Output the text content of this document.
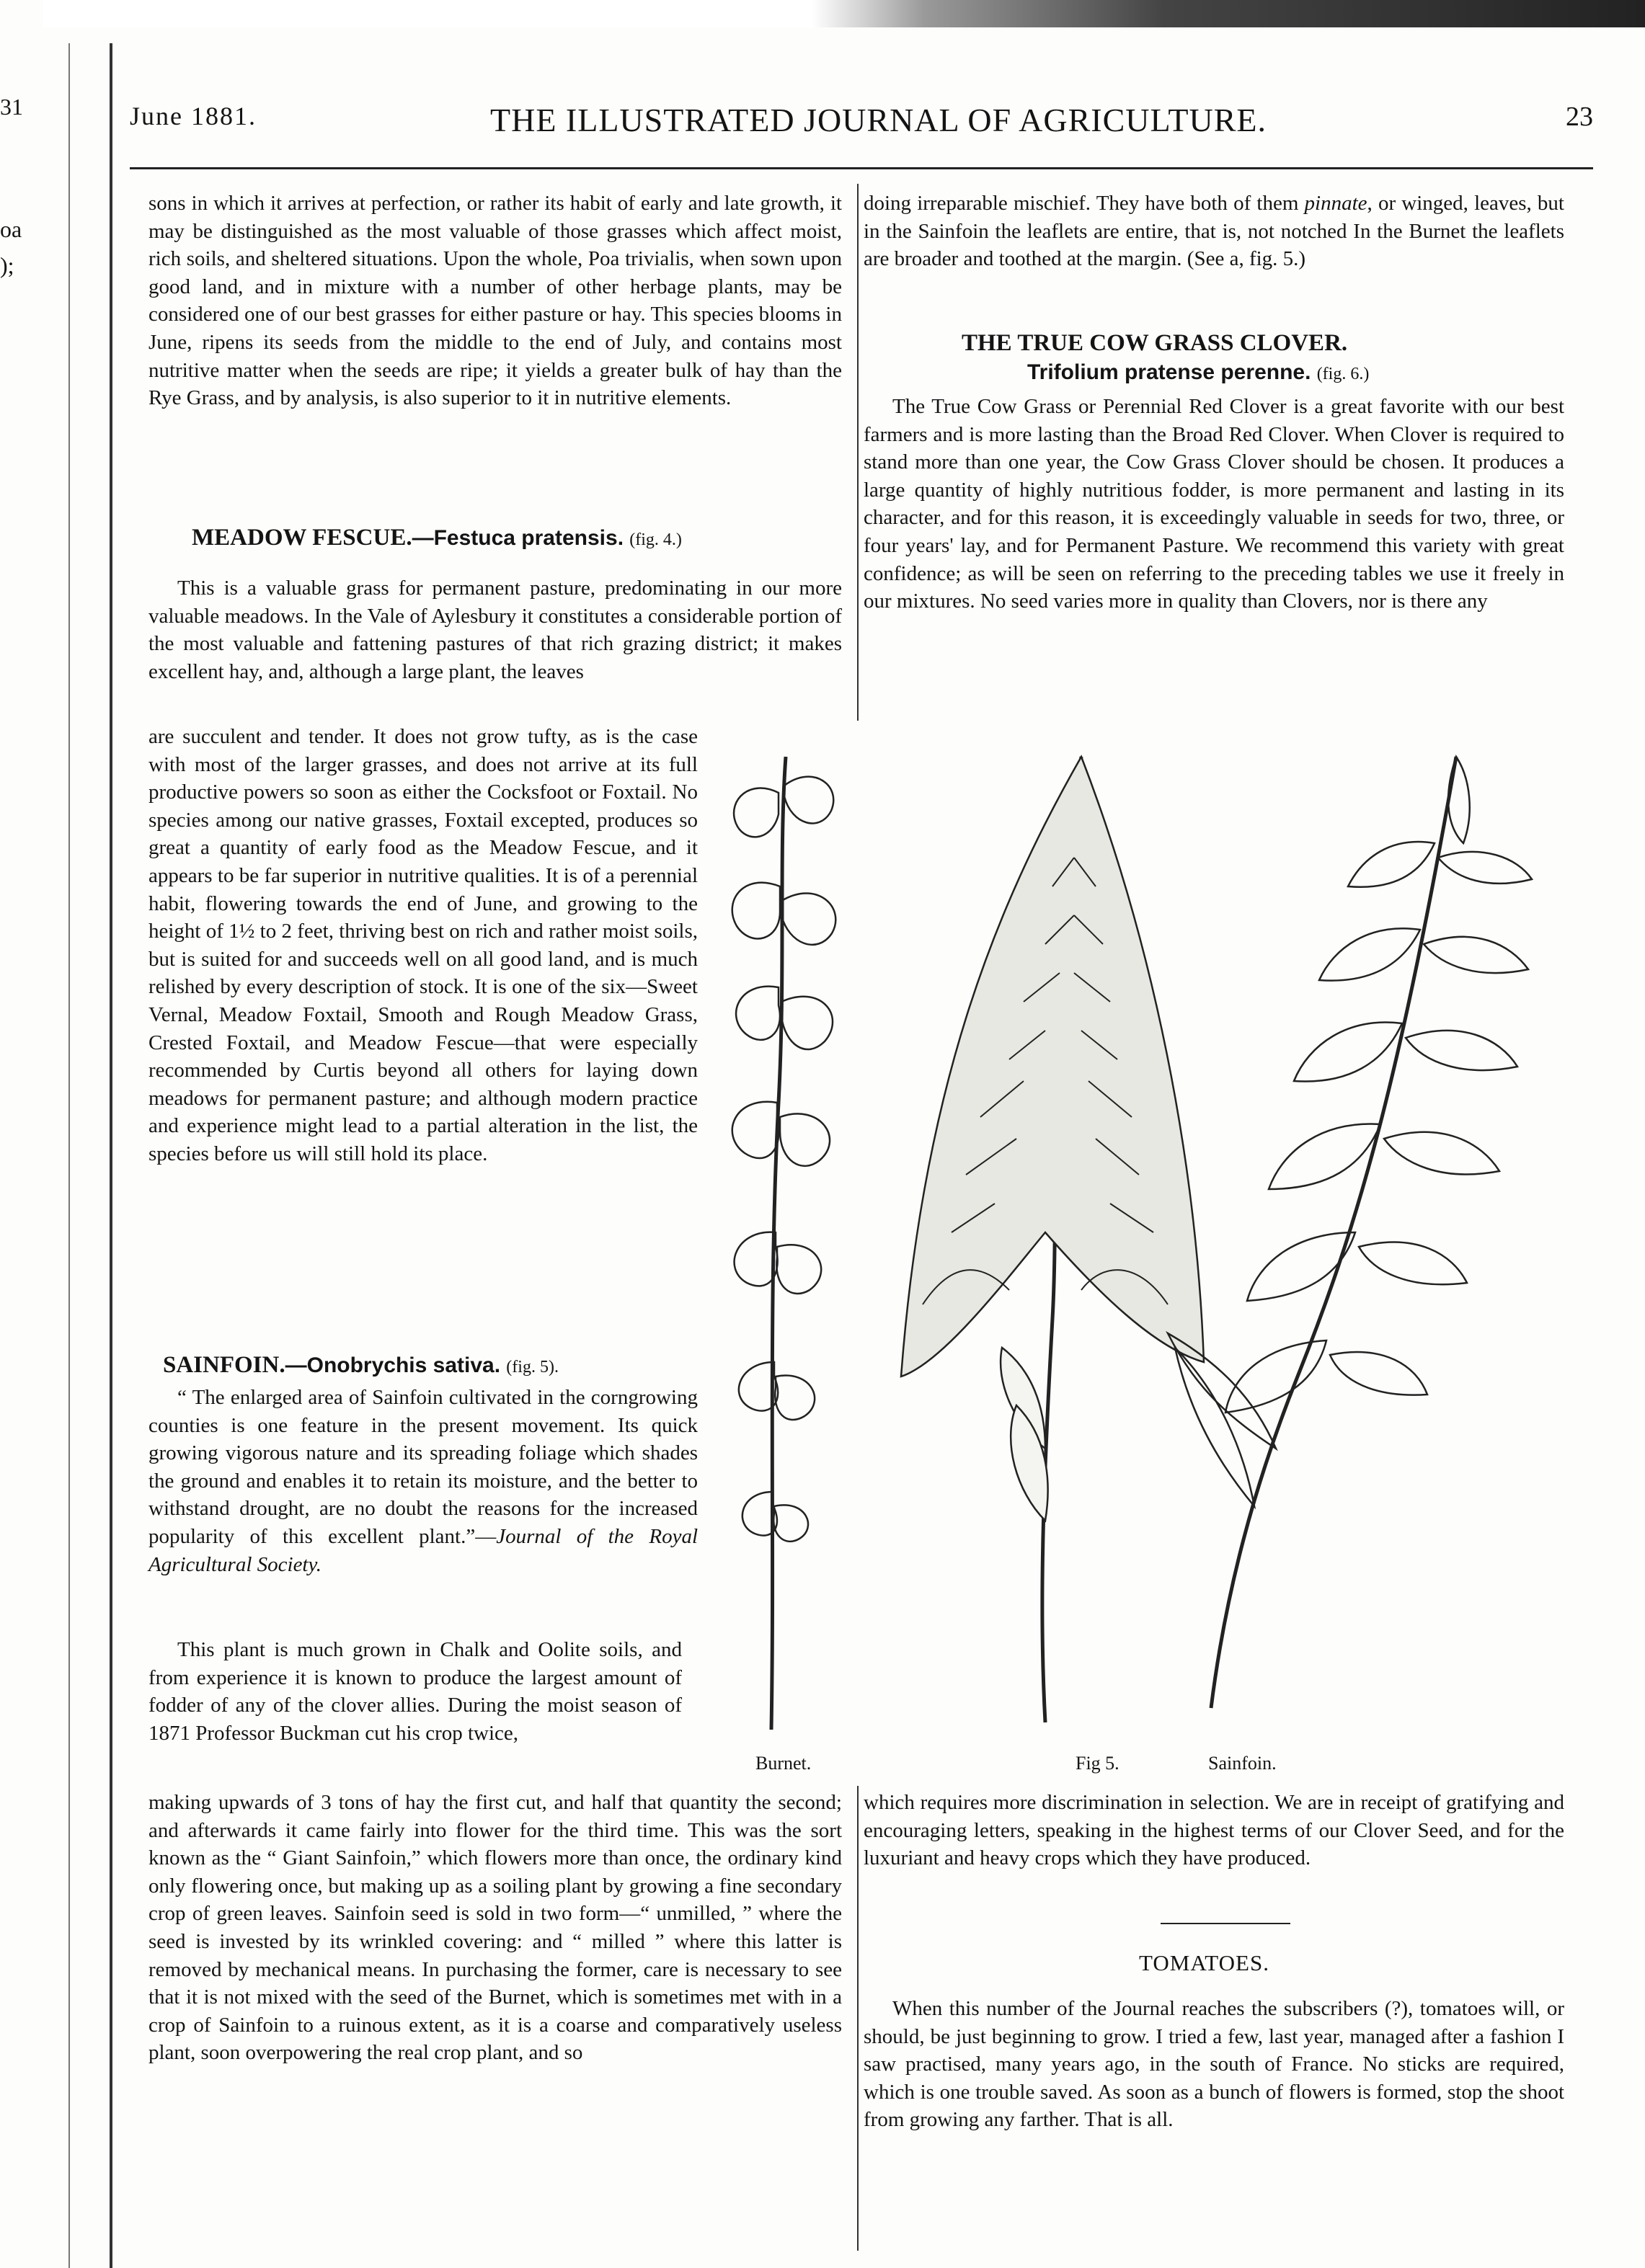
31
oa
);
June 1881.	THE ILLUSTRATED JOURNAL OF AGRICULTURE.	23

sons in which it arrives at perfection, or rather its habit of early and late growth, it may be distinguished as the most valuable of those grasses which affect moist, rich soils, and sheltered situations. Upon the whole, Poa trivialis, when sown upon good land, and in mixture with a number of other herbage plants, may be considered one of our best grasses for either pasture or hay. This species blooms in June, ripens its seeds from the middle to the end of July, and contains most nutritive matter when the seeds are ripe; it yields a greater bulk of hay than the Rye Grass, and by analysis, is also superior to it in nutritive elements.

MEADOW FESCUE.—Festuca pratensis. (fig. 4.)

This is a valuable grass for permanent pasture, predominating in our more valuable meadows. In the Vale of Aylesbury it constitutes a considerable portion of the most valuable and fattening pastures of that rich grazing district; it makes excellent hay, and, although a large plant, the leaves

are succulent and tender. It does not grow tufty, as is the case with most of the larger grasses, and does not arrive at its full productive powers so soon as either the Cocksfoot or Foxtail. No species among our native grasses, Foxtail excepted, produces so great a quantity of early food as the Meadow Fescue, and it appears to be far superior in nutritive qualities. It is of a perennial habit, flowering towards the end of June, and growing to the height of 1½ to 2 feet, thriving best on rich and rather moist soils, but is suited for and succeeds well on all good land, and is much relished by every description of stock. It is one of the six—Sweet Vernal, Meadow Foxtail, Smooth and Rough Meadow Grass, Crested Foxtail, and Meadow Fescue—that were especially recommended by Curtis beyond all others for laying down meadows for permanent pasture; and although modern practice and experience might lead to a partial alteration in the list, the species before us will still hold its place.

SAINFOIN.—Onobrychis sativa. (fig. 5).

“ The enlarged area of Sainfoin cultivated in the corngrowing counties is one feature in the present movement. Its quick growing vigorous nature and its spreading foliage which shades the ground and enables it to retain its moisture, and the better to withstand drought, are no doubt the reasons for the increased popularity of this excellent plant.”—Journal of the Royal Agricultural Society.

This plant is much grown in Chalk and Oolite soils, and from experience it is known to produce the largest amount of fodder of any of the clover allies. During the moist season of 1871 Professor Buckman cut his crop twice,

making upwards of 3 tons of hay the first cut, and half that quantity the second; and afterwards it came fairly into flower for the third time. This was the sort known as the “ Giant Sainfoin,” which flowers more than once, the ordinary kind only flowering once, but making up as a soiling plant by growing a fine secondary crop of green leaves. Sainfoin seed is sold in two form—“ unmilled, ” where the seed is invested by its wrinkled covering: and “ milled ” where this latter is removed by mechanical means. In purchasing the former, care is necessary to see that it is not mixed with the seed of the Burnet, which is sometimes met with in a crop of Sainfoin to a ruinous extent, as it is a coarse and comparatively useless plant, soon overpowering the real crop plant, and so

doing irreparable mischief. They have both of them pinnate, or winged, leaves, but in the Sainfoin the leaflets are entire, that is, not notched In the Burnet the leaflets are broader and toothed at the margin. (See a, fig. 5.)

THE TRUE COW GRASS CLOVER.
Trifolium pratense perenne. (fig. 6.)

The True Cow Grass or Perennial Red Clover is a great favorite with our best farmers and is more lasting than the Broad Red Clover. When Clover is required to stand more than one year, the Cow Grass Clover should be chosen. It produces a large quantity of highly nutritious fodder, is more permanent and lasting in its character, and for this reason, it is exceedingly valuable in seeds for two, three, or four years' lay, and for Permanent Pasture. We recommend this variety with great confidence; as will be seen on referring to the preceding tables we use it freely in our mixtures. No seed varies more in quality than Clovers, nor is there any

which requires more discrimination in selection. We are in receipt of gratifying and encouraging letters, speaking in the highest terms of our Clover Seed, and for the luxuriant and heavy crops which they have produced.

TOMATOES.

When this number of the Journal reaches the subscribers (?), tomatoes will, or should, be just beginning to grow. I tried a few, last year, managed after a fashion I saw practised, many years ago, in the south of France. No sticks are required, which is one trouble saved. As soon as a bunch of flowers is formed, stop the shoot from growing any farther. That is all.

Burnet.	Fig 5.	Sainfoin.
